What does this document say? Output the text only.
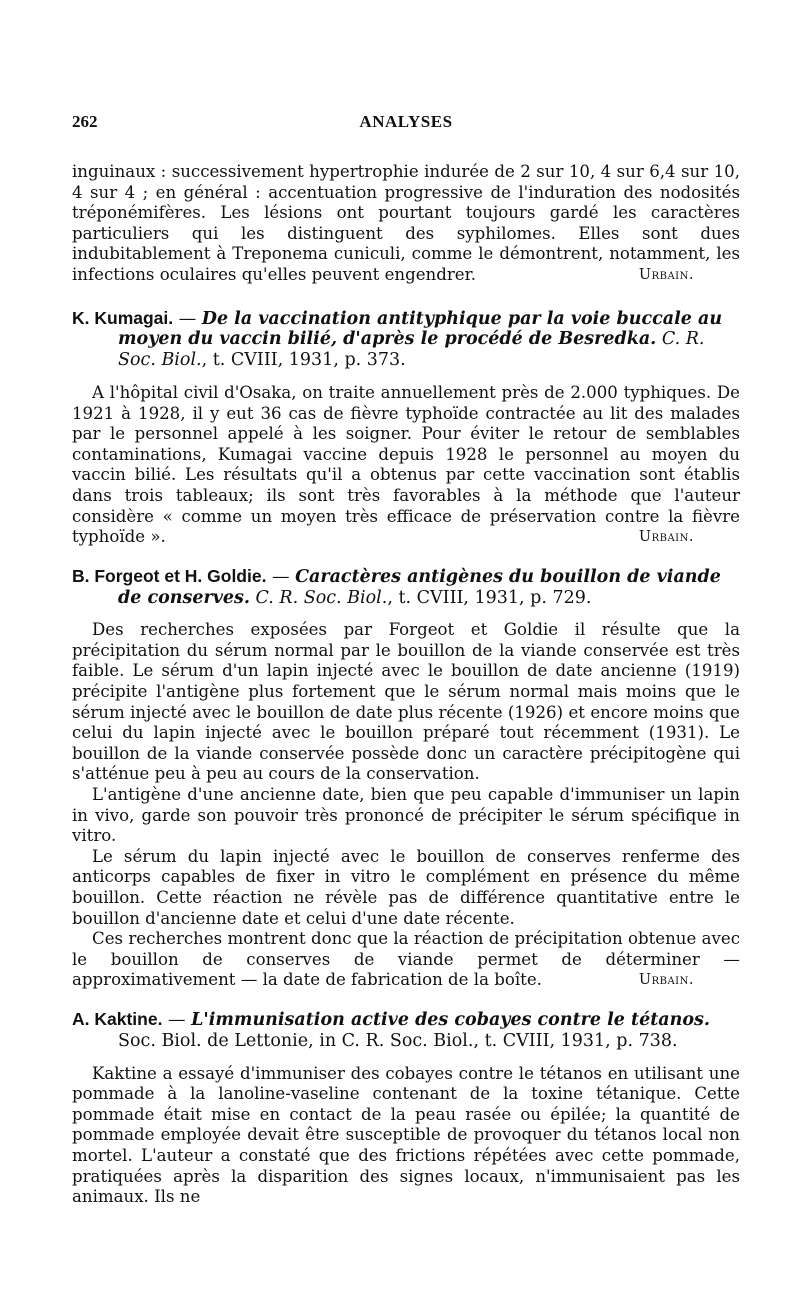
262	ANALYSES

inguinaux : successivement hypertrophie indurée de 2 sur 10, 4 sur 6,4 sur 10, 4 sur 4 ; en général : accentuation progressive de l'induration des nodosités tréponémifères. Les lésions ont pourtant toujours gardé les caractères particuliers qui les distinguent des syphilomes. Elles sont dues indubitablement à Treponema cuniculi, comme le démontrent, notamment, les infections oculaires qu'elles peuvent engendrer.	Urbain.

K. Kumagai. — De la vaccination antityphique par la voie buccale au moyen du vaccin bilié, d'après le procédé de Besredka. C. R. Soc. Biol., t. CVIII, 1931, p. 373.

A l'hôpital civil d'Osaka, on traite annuellement près de 2.000 typhiques. De 1921 à 1928, il y eut 36 cas de fièvre typhoïde contractée au lit des malades par le personnel appelé à les soigner. Pour éviter le retour de semblables contaminations, Kumagai vaccine depuis 1928 le personnel au moyen du vaccin bilié. Les résultats qu'il a obtenus par cette vaccination sont établis dans trois tableaux; ils sont très favorables à la méthode que l'auteur considère « comme un moyen très efficace de préservation contre la fièvre typhoïde ».	Urbain.

B. Forgeot et H. Goldie. — Caractères antigènes du bouillon de viande de conserves. C. R. Soc. Biol., t. CVIII, 1931, p. 729.

Des recherches exposées par Forgeot et Goldie il résulte que la précipitation du sérum normal par le bouillon de la viande conservée est très faible. Le sérum d'un lapin injecté avec le bouillon de date ancienne (1919) précipite l'antigène plus fortement que le sérum normal mais moins que le sérum injecté avec le bouillon de date plus récente (1926) et encore moins que celui du lapin injecté avec le bouillon préparé tout récemment (1931). Le bouillon de la viande conservée possède donc un caractère précipitogène qui s'atténue peu à peu au cours de la conservation.

L'antigène d'une ancienne date, bien que peu capable d'immuniser un lapin in vivo, garde son pouvoir très prononcé de précipiter le sérum spécifique in vitro.

Le sérum du lapin injecté avec le bouillon de conserves renferme des anticorps capables de fixer in vitro le complément en présence du même bouillon. Cette réaction ne révèle pas de différence quantitative entre le bouillon d'ancienne date et celui d'une date récente.

Ces recherches montrent donc que la réaction de précipitation obtenue avec le bouillon de conserves de viande permet de déterminer — approximativement — la date de fabrication de la boîte.	Urbain.

A. Kaktine. — L'immunisation active des cobayes contre le tétanos. Soc. Biol. de Lettonie, in C. R. Soc. Biol., t. CVIII, 1931, p. 738.

Kaktine a essayé d'immuniser des cobayes contre le tétanos en utilisant une pommade à la lanoline-vaseline contenant de la toxine tétanique. Cette pommade était mise en contact de la peau rasée ou épilée; la quantité de pommade employée devait être susceptible de provoquer du tétanos local non mortel. L'auteur a constaté que des frictions répétées avec cette pommade, pratiquées après la disparition des signes locaux, n'immunisaient pas les animaux. Ils ne
